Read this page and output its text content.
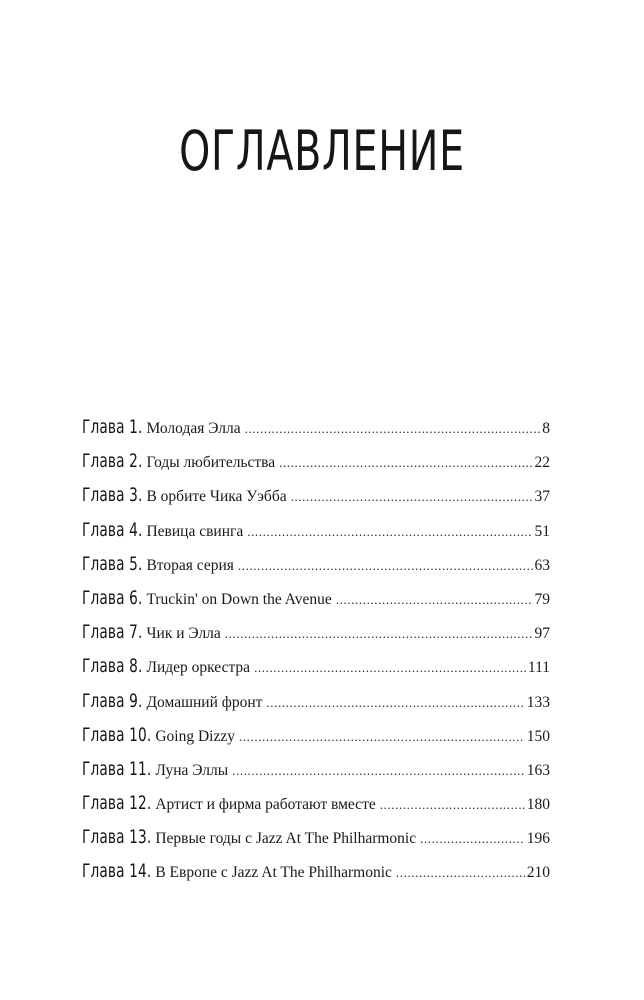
ОГЛАВЛЕНИЕ
Глава 1. Молодая Элла .....	8
Глава 2. Годы любительства .....	22
Глава 3. В орбите Чика Уэбба .....	37
Глава 4. Певица свинга .....	51
Глава 5. Вторая серия .....	63
Глава 6. Truckin' on Down the Avenue .....	79
Глава 7. Чик и Элла .....	97
Глава 8. Лидер оркестра .....	111
Глава 9. Домашний фронт .....	133
Глава 10. Going Dizzy .....	150
Глава 11. Луна Эллы .....	163
Глава 12. Артист и фирма работают вместе .....	180
Глава 13. Первые годы с Jazz At The Philharmonic .....	196
Глава 14. В Европе с Jazz At The Philharmonic .....	210
